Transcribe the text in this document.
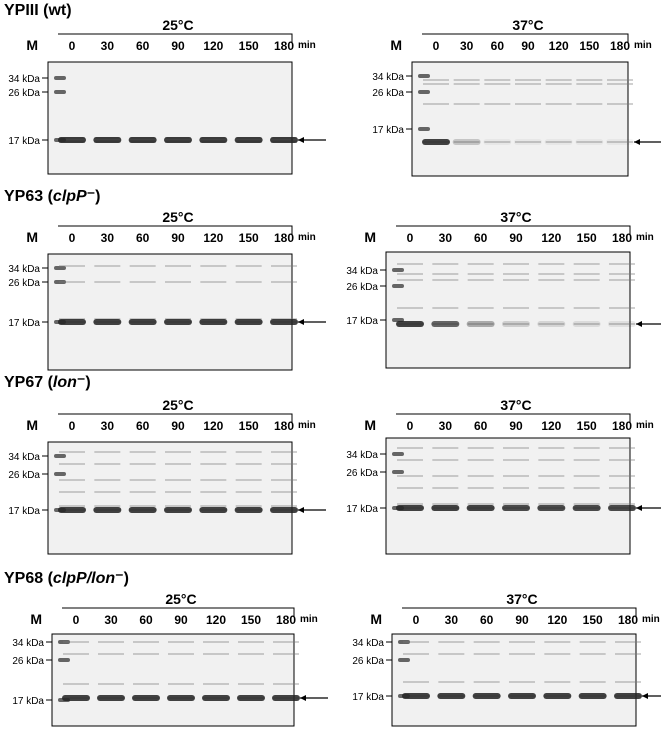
YPIII (wt)
YP63 (clpP⁻)
YP67 (lon⁻)
YP68 (clpP/lon⁻)
25°C
min
M	0 30 60 90 120 150 180
34 kDa
26 kDa
17 kDa
37°C
min
M	0 30 60 90 120 150 180
34 kDa
26 kDa
17 kDa
25°C
min
M	0 30 60 90 120 150 180
34 kDa
26 kDa
17 kDa
37°C
min
M	0 30 60 90 120 150 180
34 kDa
26 kDa
17 kDa
25°C
min
M	0 30 60 90 120 150 180
34 kDa
26 kDa
17 kDa
37°C
min
M	0 30 60 90 120 150 180
34 kDa
26 kDa
17 kDa
25°C
min
M	0 30 60 90 120 150 180
34 kDa
26 kDa
17 kDa
37°C
min
M	0 30 60 90 120 150 180
34 kDa
26 kDa
17 kDa
